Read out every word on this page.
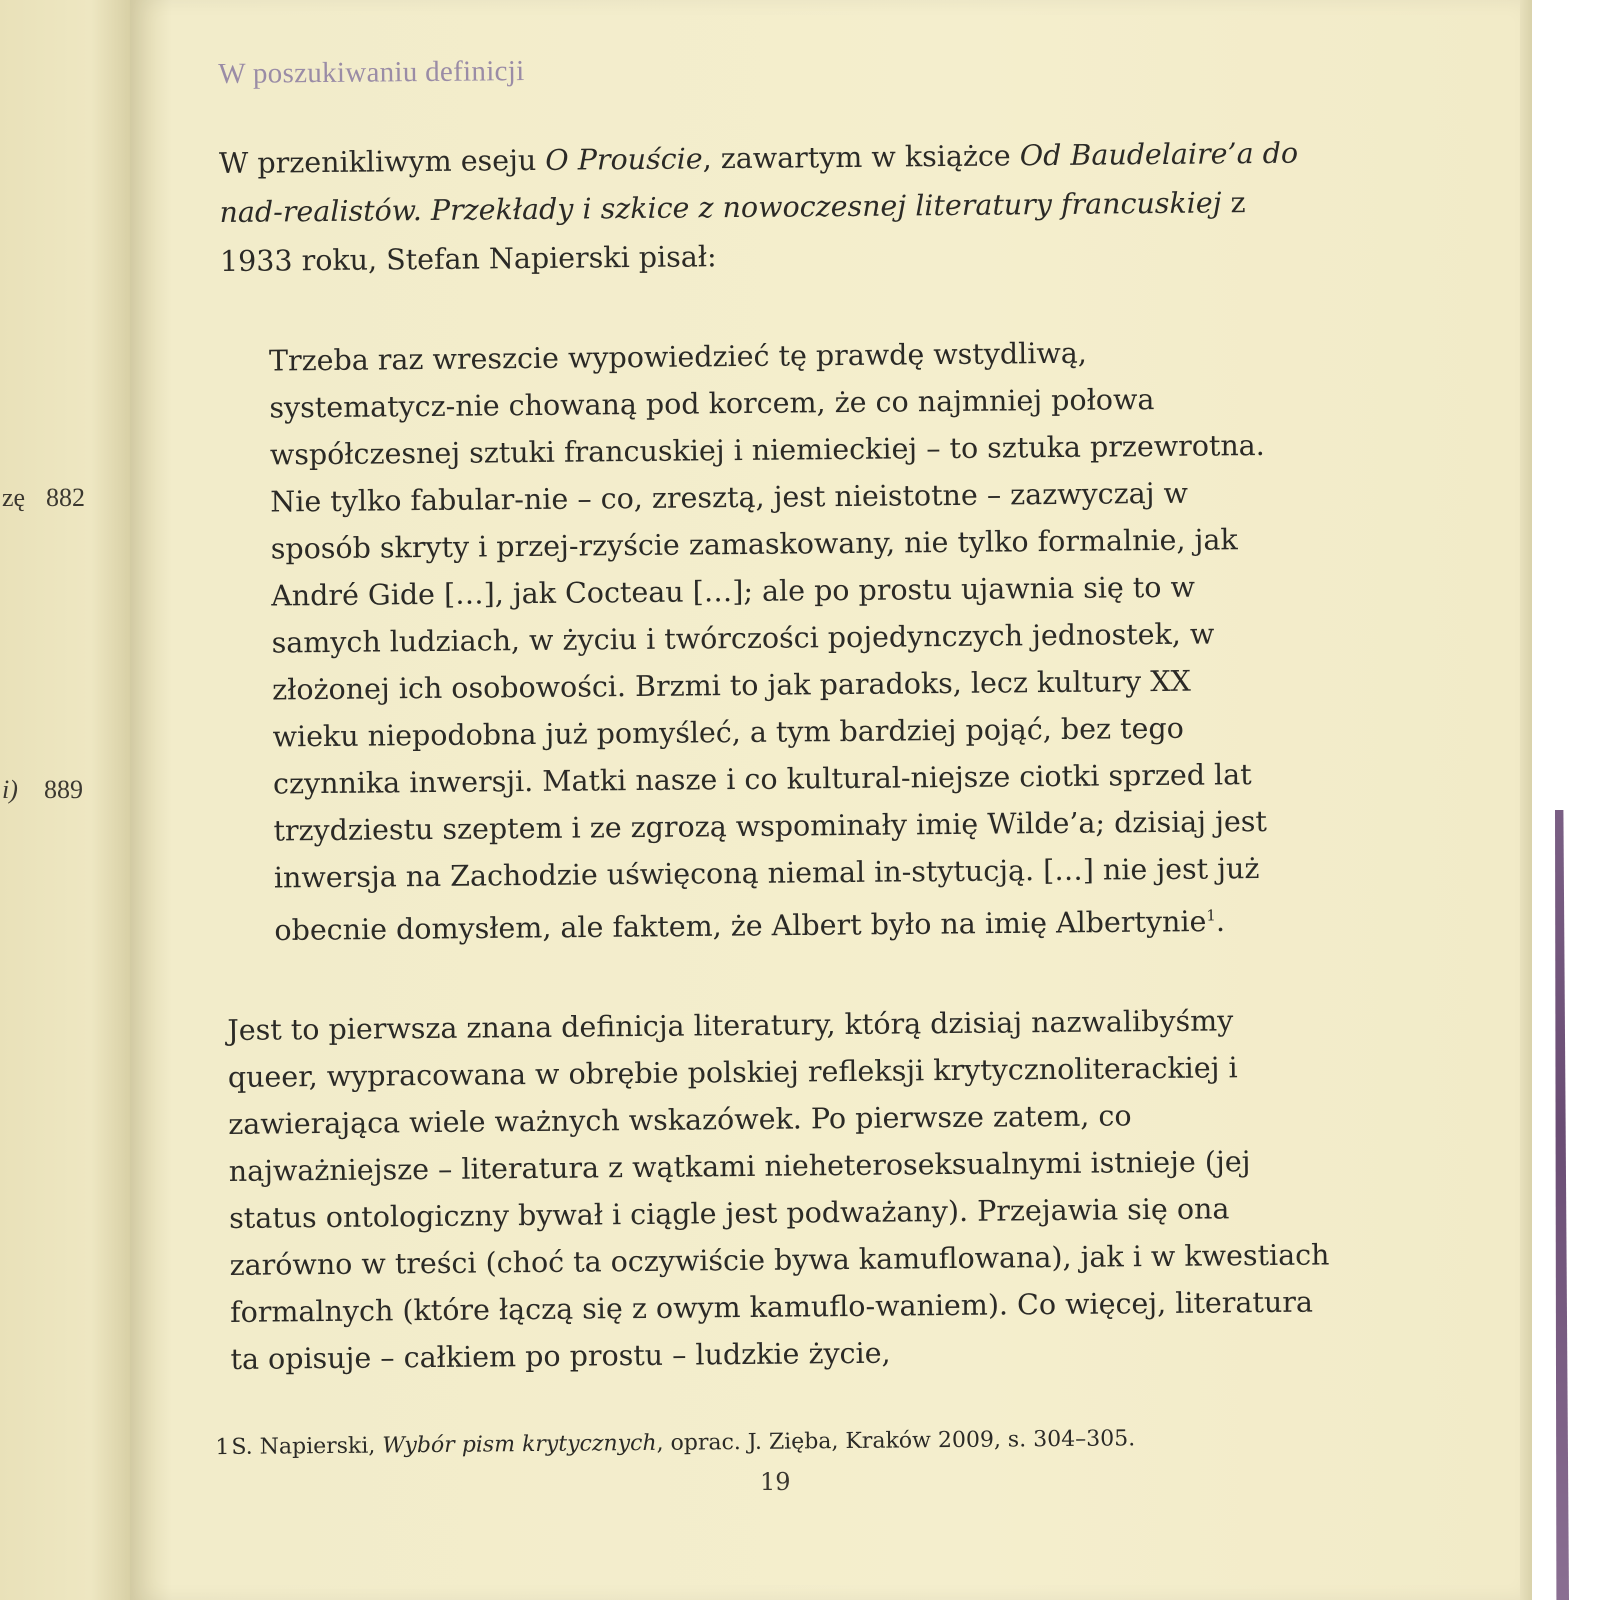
zę 882
i) 889
W poszukiwaniu definicji

W przenikliwym eseju O Prouście, zawartym w książce Od Baudelaire’a do nad-realistów. Przekłady i szkice z nowoczesnej literatury francuskiej z 1933 roku, Stefan Napierski pisał:

Trzeba raz wreszcie wypowiedzieć tę prawdę wstydliwą, systematycz-nie chowaną pod korcem, że co najmniej połowa współczesnej sztuki francuskiej i niemieckiej – to sztuka przewrotna. Nie tylko fabular-nie – co, zresztą, jest nieistotne – zazwyczaj w sposób skryty i przej-rzyście zamaskowany, nie tylko formalnie, jak André Gide […], jak Cocteau […]; ale po prostu ujawnia się to w samych ludziach, w życiu i twórczości pojedynczych jednostek, w złożonej ich osobowości. Brzmi to jak paradoks, lecz kultury XX wieku niepodobna już pomyśleć, a tym bardziej pojąć, bez tego czynnika inwersji. Matki nasze i co kultural-niejsze ciotki sprzed lat trzydziestu szeptem i ze zgrozą wspominały imię Wilde’a; dzisiaj jest inwersja na Zachodzie uświęconą niemal in-stytucją. […] nie jest już obecnie domysłem, ale faktem, że Albert było na imię Albertynie$^1$.

Jest to pierwsza znana definicja literatury, którą dzisiaj nazwalibyśmy queer, wypracowana w obrębie polskiej refleksji krytycznoliterackiej i zawierająca wiele ważnych wskazówek. Po pierwsze zatem, co najważniejsze – literatura z wątkami nieheteroseksualnymi istnieje (jej status ontologiczny bywał i ciągle jest podważany). Przejawia się ona zarówno w treści (choć ta oczywiście bywa kamuflowana), jak i w kwestiach formalnych (które łączą się z owym kamuflo-waniem). Co więcej, literatura ta opisuje – całkiem po prostu – ludzkie życie,

1 S. Napierski, Wybór pism krytycznych, oprac. J. Zięba, Kraków 2009, s. 304–305.

19
